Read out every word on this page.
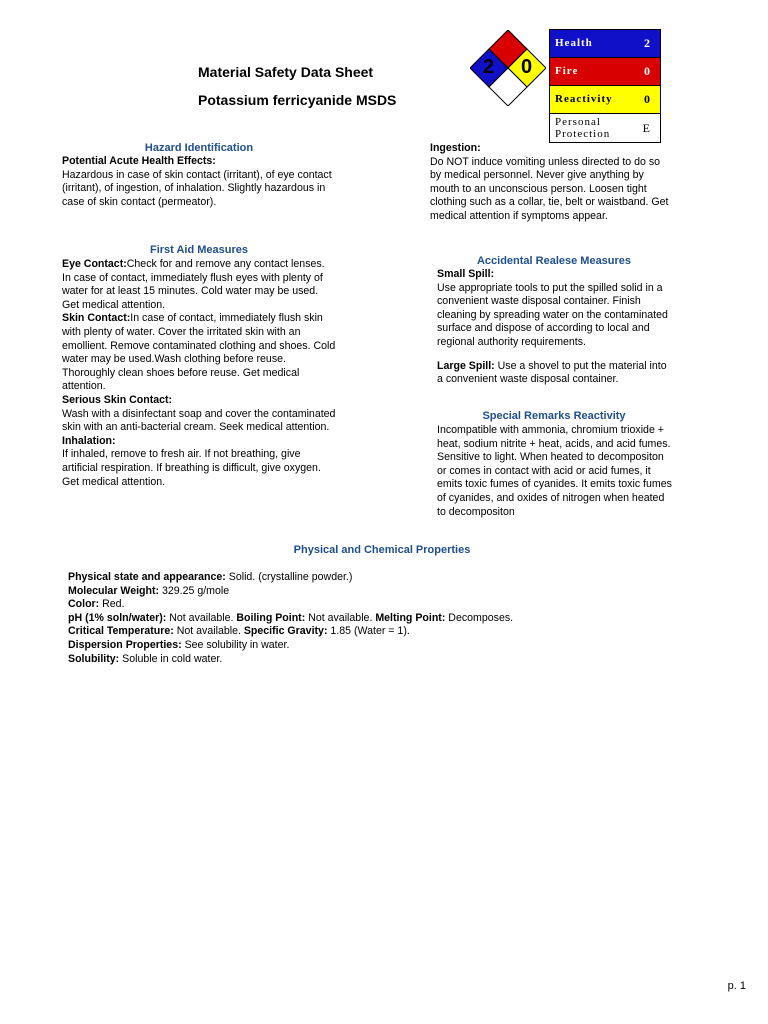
Material Safety Data Sheet
Potassium ferricyanide MSDS
2 0
Health	2
Fire	0
Reactivity	0
Personal
Protection	E
Hazard Identification

Potential Acute Health Effects:

Hazardous in case of skin contact (irritant), of eye contact (irritant), of ingestion, of inhalation. Slightly hazardous in case of skin contact (permeator).

First Aid Measures

Eye Contact:Check for and remove any contact lenses. In case of contact, immediately flush eyes with plenty of water for at least 15 minutes. Cold water may be used. Get medical attention.

Skin Contact:In case of contact, immediately flush skin with plenty of water. Cover the irritated skin with an emollient. Remove contaminated clothing and shoes. Cold water may be used.Wash clothing before reuse. Thoroughly clean shoes before reuse. Get medical attention.

Serious Skin Contact:

Wash with a disinfectant soap and cover the contaminated skin with an anti-bacterial cream. Seek medical attention.

Inhalation:

If inhaled, remove to fresh air. If not breathing, give artificial respiration. If breathing is difficult, give oxygen. Get medical attention.

Ingestion:

Do NOT induce vomiting unless directed to do so by medical personnel. Never give anything by mouth to an unconscious person. Loosen tight clothing such as a collar, tie, belt or waistband. Get medical attention if symptoms appear.

Accidental Realese Measures

Small Spill:

Use appropriate tools to put the spilled solid in a convenient waste disposal container. Finish cleaning by spreading water on the contaminated surface and dispose of according to local and regional authority requirements.

Large Spill: Use a shovel to put the material into a convenient waste disposal container.

Special Remarks Reactivity

Incompatible with ammonia, chromium trioxide + heat, sodium nitrite + heat, acids, and acid fumes. Sensitive to light. When heated to decompositon or comes in contact with acid or acid fumes, it emits toxic fumes of cyanides. It emits toxic fumes of cyanides, and oxides of nitrogen when heated to decompositon

Physical and Chemical Properties

Physical state and appearance: Solid. (crystalline powder.)

Molecular Weight: 329.25 g/mole

Color: Red.

pH (1% soln/water): Not available. Boiling Point: Not available. Melting Point: Decomposes.

Critical Temperature: Not available. Specific Gravity: 1.85 (Water = 1).

Dispersion Properties: See solubility in water.

Solubility: Soluble in cold water.

p. 1
